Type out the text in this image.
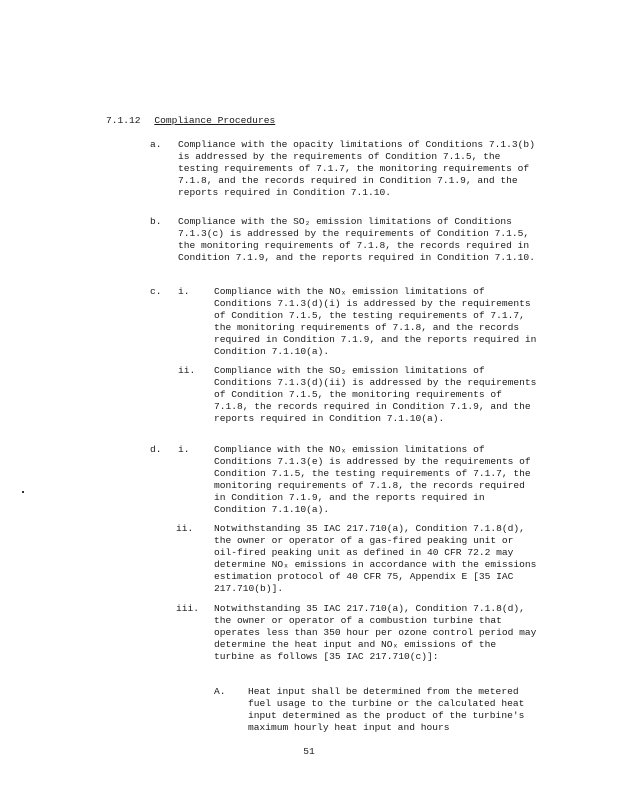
7.1.12 Compliance Procedures
a. Compliance with the opacity limitations of Conditions 7.1.3(b) is addressed by the requirements of Condition 7.1.5, the testing requirements of 7.1.7, the monitoring requirements of 7.1.8, and the records required in Condition 7.1.9, and the reports required in Condition 7.1.10.
b. Compliance with the SO₂ emission limitations of Conditions 7.1.3(c) is addressed by the requirements of Condition 7.1.5, the monitoring requirements of 7.1.8, the records required in Condition 7.1.9, and the reports required in Condition 7.1.10.
c. i.	Compliance with the NOₓ emission limitations of Conditions 7.1.3(d)(i) is addressed by the requirements of Condition 7.1.5, the testing requirements of 7.1.7, the monitoring requirements of 7.1.8, and the records required in Condition 7.1.9, and the reports required in Condition 7.1.10(a).
ii. Compliance with the SO₂ emission limitations of Conditions 7.1.3(d)(ii) is addressed by the requirements of Condition 7.1.5, the monitoring requirements of 7.1.8, the records required in Condition 7.1.9, and the reports required in Condition 7.1.10(a).
d. i.	Compliance with the NOₓ emission limitations of Conditions 7.1.3(e) is addressed by the requirements of Condition 7.1.5, the testing requirements of 7.1.7, the monitoring requirements of 7.1.8, the records required in Condition 7.1.9, and the reports required in Condition 7.1.10(a).
ii. Notwithstanding 35 IAC 217.710(a), Condition 7.1.8(d), the owner or operator of a gas-fired peaking unit or oil-fired peaking unit as defined in 40 CFR 72.2 may determine NOₓ emissions in accordance with the emissions estimation protocol of 40 CFR 75, Appendix E [35 IAC 217.710(b)].
iii. Notwithstanding 35 IAC 217.710(a), Condition 7.1.8(d), the owner or operator of a combustion turbine that operates less than 350 hour per ozone control period may determine the heat input and NOₓ emissions of the turbine as follows [35 IAC 217.710(c)]:
A. Heat input shall be determined from the metered fuel usage to the turbine or the calculated heat input determined as the product of the turbine's maximum hourly heat input and hours
51
